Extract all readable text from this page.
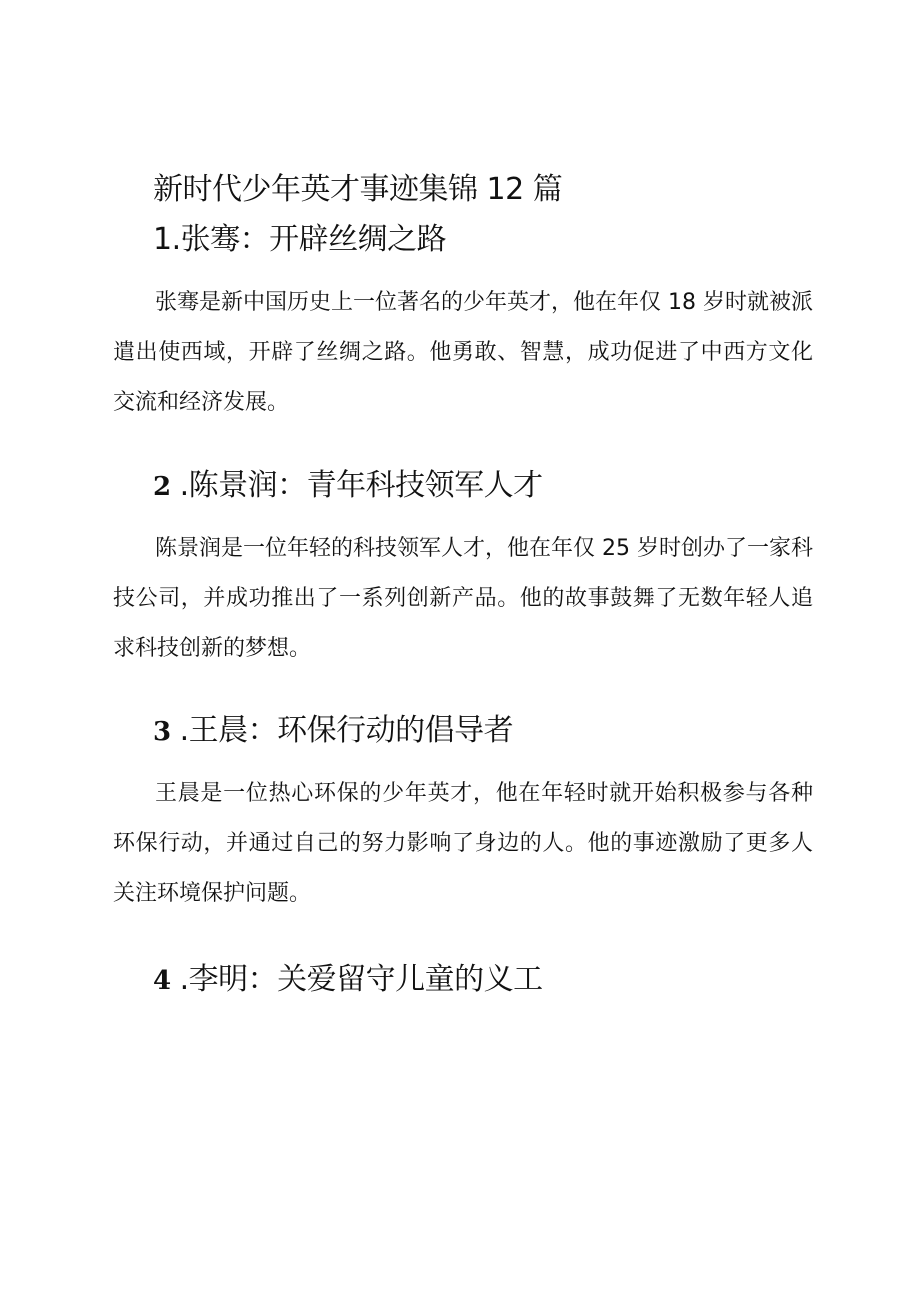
新时代少年英才事迹集锦 12 篇
1.张骞：开辟丝绸之路

张骞是新中国历史上一位著名的少年英才，他在年仅 18 岁时就被派遣出使西域，开辟了丝绸之路。他勇敢、智慧，成功促进了中西方文化交流和经济发展。

2 .陈景润：青年科技领军人才

陈景润是一位年轻的科技领军人才，他在年仅 25 岁时创办了一家科技公司，并成功推出了一系列创新产品。他的故事鼓舞了无数年轻人追求科技创新的梦想。

3 .王晨：环保行动的倡导者

王晨是一位热心环保的少年英才，他在年轻时就开始积极参与各种环保行动，并通过自己的努力影响了身边的人。他的事迹激励了更多人关注环境保护问题。

4 .李明：关爱留守儿童的义工
